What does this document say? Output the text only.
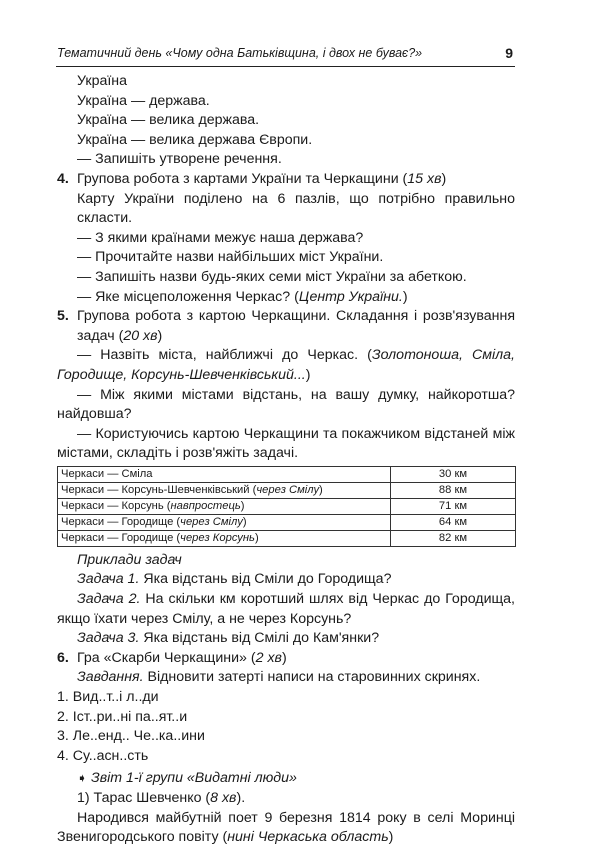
Тематичний день «Чому одна Батьківщина, і двох не буває?»	9

Україна

Україна — держава.

Україна — велика держава.

Україна — велика держава Європи.

— Запишіть утворене речення.

4. Групова робота з картами України та Черкащини (15 хв)

Карту України поділено на 6 пазлів, що потрібно правильно скласти.

— З якими країнами межує наша держава?

— Прочитайте назви найбільших міст України.

— Запишіть назви будь-яких семи міст України за абеткою.

— Яке місцеположення Черкас? (Центр України.)

5. Групова робота з картою Черкащини. Складання і розв'язування задач (20 хв)

— Назвіть міста, найближчі до Черкас. (Золотоноша, Сміла, Городище, Корсунь-Шевченківський...)

— Між якими містами відстань, на вашу думку, найкоротша? найдовша?

— Користуючись картою Черкащини та покажчиком відстаней між містами, складіть і розв'яжіть задачі.

Черкаси — Сміла	30 км
Черкаси — Корсунь-Шевченківський (через Смілу)	88 км
Черкаси — Корсунь (навпростець)	71 км
Черкаси — Городище (через Смілу)	64 км
Черкаси — Городище (через Корсунь)	82 км

Приклади задач

Задача 1. Яка відстань від Сміли до Городища?

Задача 2. На скільки км коротший шлях від Черкас до Городища, якщо їхати через Смілу, а не через Корсунь?

Задача 3. Яка відстань від Смілі до Кам'янки?

6. Гра «Скарби Черкащини» (2 хв)

Завдання. Відновити затерті написи на старовинних скринях.

1. Вид..т..і л..ди

2. Іст..ри..ні па..ят..и

3. Ле..енд.. Че..ка..ини

4. Су..асн..сть

➧ Звіт 1-ї групи «Видатні люди»

1) Тарас Шевченко (8 хв).

Народився майбутній поет 9 березня 1814 року в селі Моринці Звенигородського повіту (нині Черкаська область)
